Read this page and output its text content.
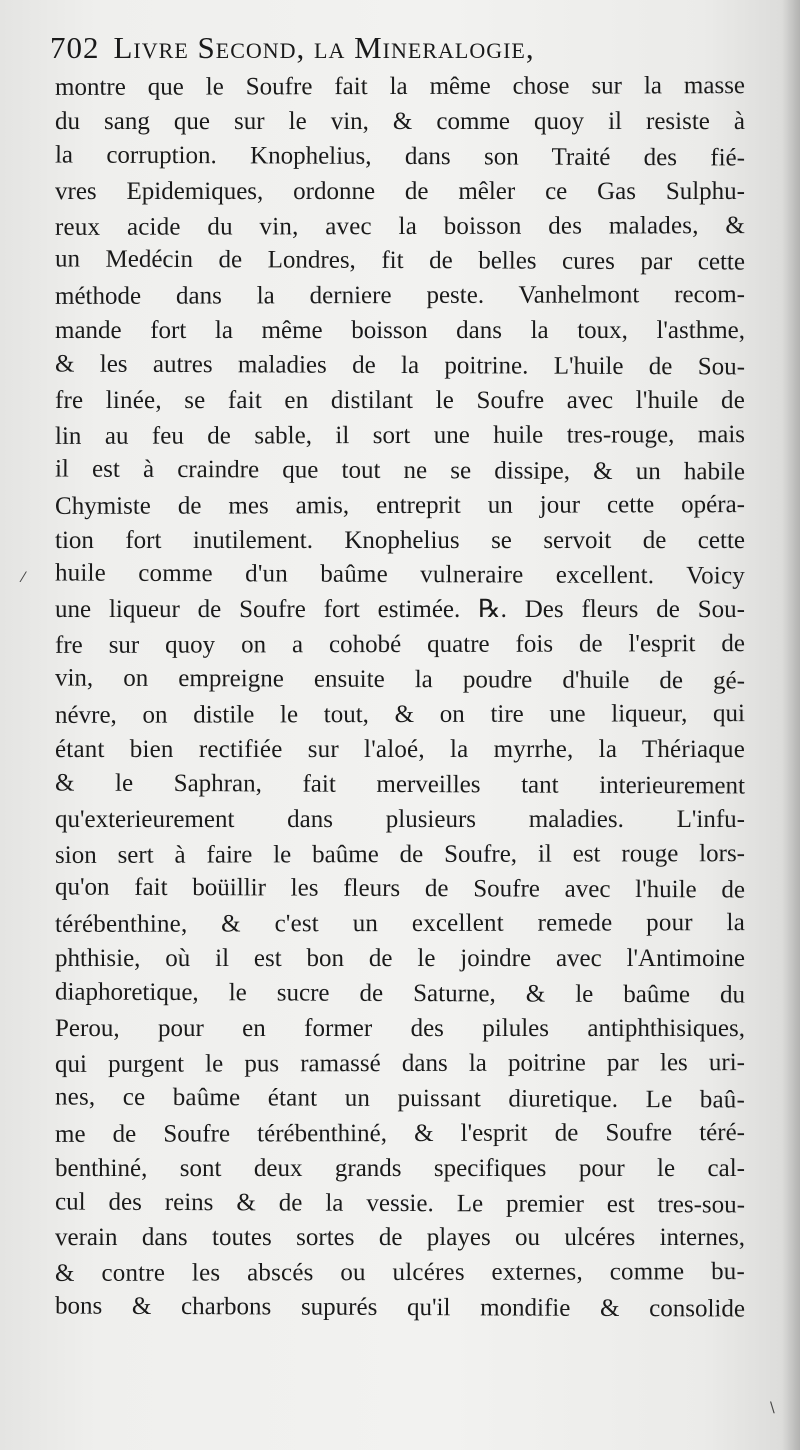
702 Livre Second, la Mineralogie,
montre que le Soufre fait la même chose sur la masse
du sang que sur le vin, & comme quoy il resiste à
la corruption. Knophelius, dans son Traité des fié-
vres Epidemiques, ordonne de mêler ce Gas Sulphu-
reux acide du vin, avec la boisson des malades, &
un Medécin de Londres, fit de belles cures par cette
méthode dans la derniere peste. Vanhelmont recom-
mande fort la même boisson dans la toux, l'asthme,
& les autres maladies de la poitrine. L'huile de Sou-
fre linée, se fait en distilant le Soufre avec l'huile de
lin au feu de sable, il sort une huile tres-rouge, mais
il est à craindre que tout ne se dissipe, & un habile
Chymiste de mes amis, entreprit un jour cette opéra-
tion fort inutilement. Knophelius se servoit de cette
huile comme d'un baûme vulneraire excellent. Voicy
une liqueur de Soufre fort estimée. ℞. Des fleurs de Sou-
fre sur quoy on a cohobé quatre fois de l'esprit de
vin, on empreigne ensuite la poudre d'huile de gé-
névre, on distile le tout, & on tire une liqueur, qui
étant bien rectifiée sur l'aloé, la myrrhe, la Thériaque
& le Saphran, fait merveilles tant interieurement
qu'exterieurement dans plusieurs maladies. L'infu-
sion sert à faire le baûme de Soufre, il est rouge lors-
qu'on fait boüillir les fleurs de Soufre avec l'huile de
térébenthine, & c'est un excellent remede pour la
phthisie, où il est bon de le joindre avec l'Antimoine
diaphoretique, le sucre de Saturne, & le baûme du
Perou, pour en former des pilules antiphthisiques,
qui purgent le pus ramassé dans la poitrine par les uri-
nes, ce baûme étant un puissant diuretique. Le baû-
me de Soufre térébenthiné, & l'esprit de Soufre téré-
benthiné, sont deux grands specifiques pour le cal-
cul des reins & de la vessie. Le premier est tres-sou-
verain dans toutes sortes de playes ou ulcéres internes,
& contre les abscés ou ulcéres externes, comme bu-
bons & charbons supurés qu'il mondifie & consolide
⁄
\
